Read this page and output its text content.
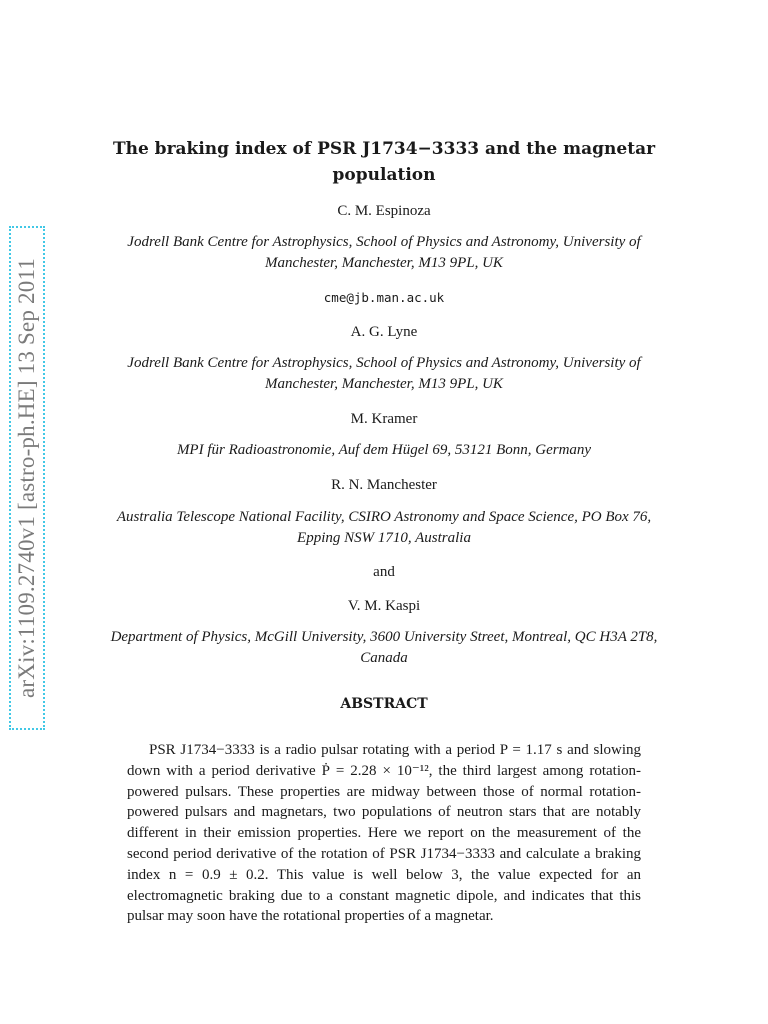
arXiv:1109.2740v1 [astro-ph.HE] 13 Sep 2011
The braking index of PSR J1734−3333 and the magnetar population
C. M. Espinoza
Jodrell Bank Centre for Astrophysics, School of Physics and Astronomy, University of Manchester, Manchester, M13 9PL, UK
cme@jb.man.ac.uk
A. G. Lyne
Jodrell Bank Centre for Astrophysics, School of Physics and Astronomy, University of Manchester, Manchester, M13 9PL, UK
M. Kramer
MPI für Radioastronomie, Auf dem Hügel 69, 53121 Bonn, Germany
R. N. Manchester
Australia Telescope National Facility, CSIRO Astronomy and Space Science, PO Box 76, Epping NSW 1710, Australia
and
V. M. Kaspi
Department of Physics, McGill University, 3600 University Street, Montreal, QC H3A 2T8, Canada
ABSTRACT
PSR J1734−3333 is a radio pulsar rotating with a period P = 1.17 s and slowing down with a period derivative Ṗ = 2.28 × 10⁻¹², the third largest among rotation-powered pulsars. These properties are midway between those of normal rotation-powered pulsars and magnetars, two populations of neutron stars that are notably different in their emission properties. Here we report on the measurement of the second period derivative of the rotation of PSR J1734−3333 and calculate a braking index n = 0.9 ± 0.2. This value is well below 3, the value expected for an electromagnetic braking due to a constant magnetic dipole, and indicates that this pulsar may soon have the rotational properties of a magnetar.
